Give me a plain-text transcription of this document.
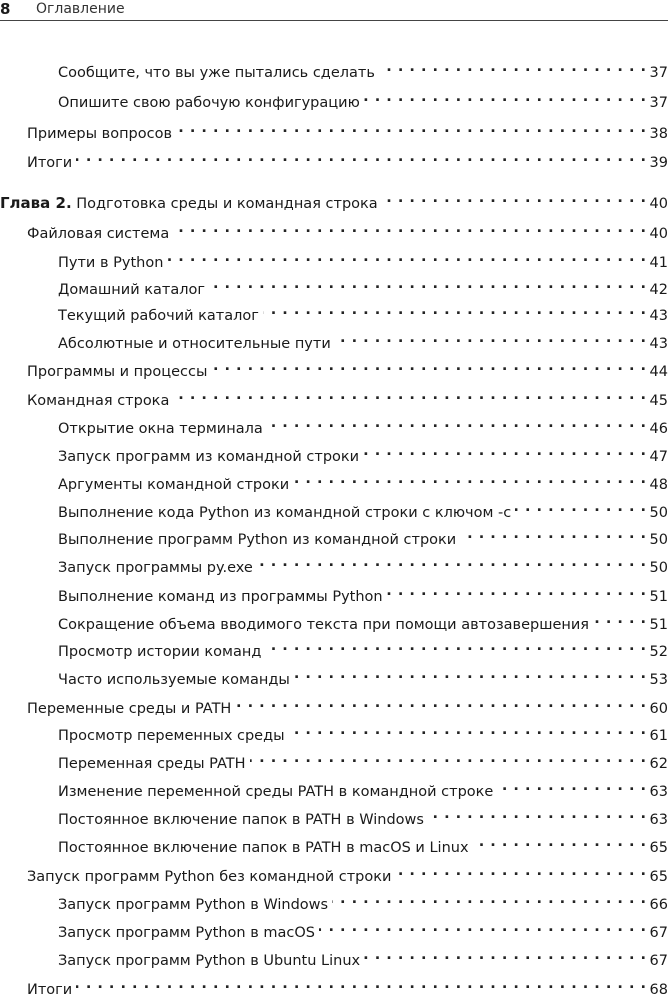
8 Оглавление
Сообщите, что вы уже пытались сделать . . .	37
Опишите свою рабочую конфигурацию . . .	37
Примеры вопросов . . .	38
Итоги . . .	39
Глава 2. Подготовка среды и командная строка . . .	40
Файловая система . . .	40
Пути в Python . . .	41
Домашний каталог . . .	42
Текущий рабочий каталог . . .	43
Абсолютные и относительные пути . . .	43
Программы и процессы . . .	44
Командная строка . . .	45
Открытие окна терминала . . .	46
Запуск программ из командной строки . . .	47
Аргументы командной строки . . .	48
Выполнение кода Python из командной строки с ключом -c . . .	50
Выполнение программ Python из командной строки . . .	50
Запуск программы py.exe . . .	50
Выполнение команд из программы Python . . .	51
Сокращение объема вводимого текста при помощи автозавершения . . .	51
Просмотр истории команд . . .	52
Часто используемые команды . . .	53
Переменные среды и PATH . . .	60
Просмотр переменных среды . . .	61
Переменная среды PATH . . .	62
Изменение переменной среды PATH в командной строке . . .	63
Постоянное включение папок в PATH в Windows . . .	63
Постоянное включение папок в PATH в macOS и Linux . . .	65
Запуск программ Python без командной строки . . .	65
Запуск программ Python в Windows . . .	66
Запуск программ Python в macOS . . .	67
Запуск программ Python в Ubuntu Linux . . .	67
Итоги . . .	68
